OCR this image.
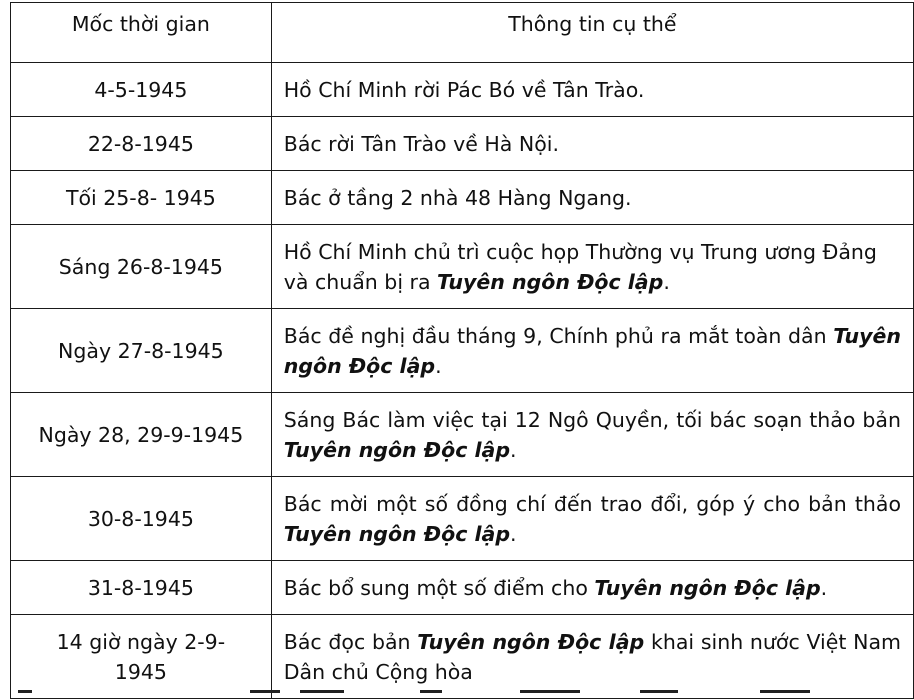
Mốc thời gian	Thông tin cụ thể
4-5-1945	Hồ Chí Minh rời Pác Bó về Tân Trào.
22-8-1945	Bác rời Tân Trào về Hà Nội.
Tối 25-8- 1945	Bác ở tầng 2 nhà 48 Hàng Ngang.
Sáng 26-8-1945	Hồ Chí Minh chủ trì cuộc họp Thường vụ Trung ương Đảng và chuẩn bị ra Tuyên ngôn Độc lập.
Ngày 27-8-1945	Bác đề nghị đầu tháng 9, Chính phủ ra mắt toàn dân Tuyên ngôn Độc lập.
Ngày 28, 29-9-1945	Sáng Bác làm việc tại 12 Ngô Quyền, tối bác soạn thảo bản Tuyên ngôn Độc lập.
30-8-1945	Bác mời một số đồng chí đến trao đổi, góp ý cho bản thảo Tuyên ngôn Độc lập.
31-8-1945	Bác bổ sung một số điểm cho Tuyên ngôn Độc lập.
14 giờ ngày 2-9-1945	Bác đọc bản Tuyên ngôn Độc lập khai sinh nước Việt Nam Dân chủ Cộng hòa
